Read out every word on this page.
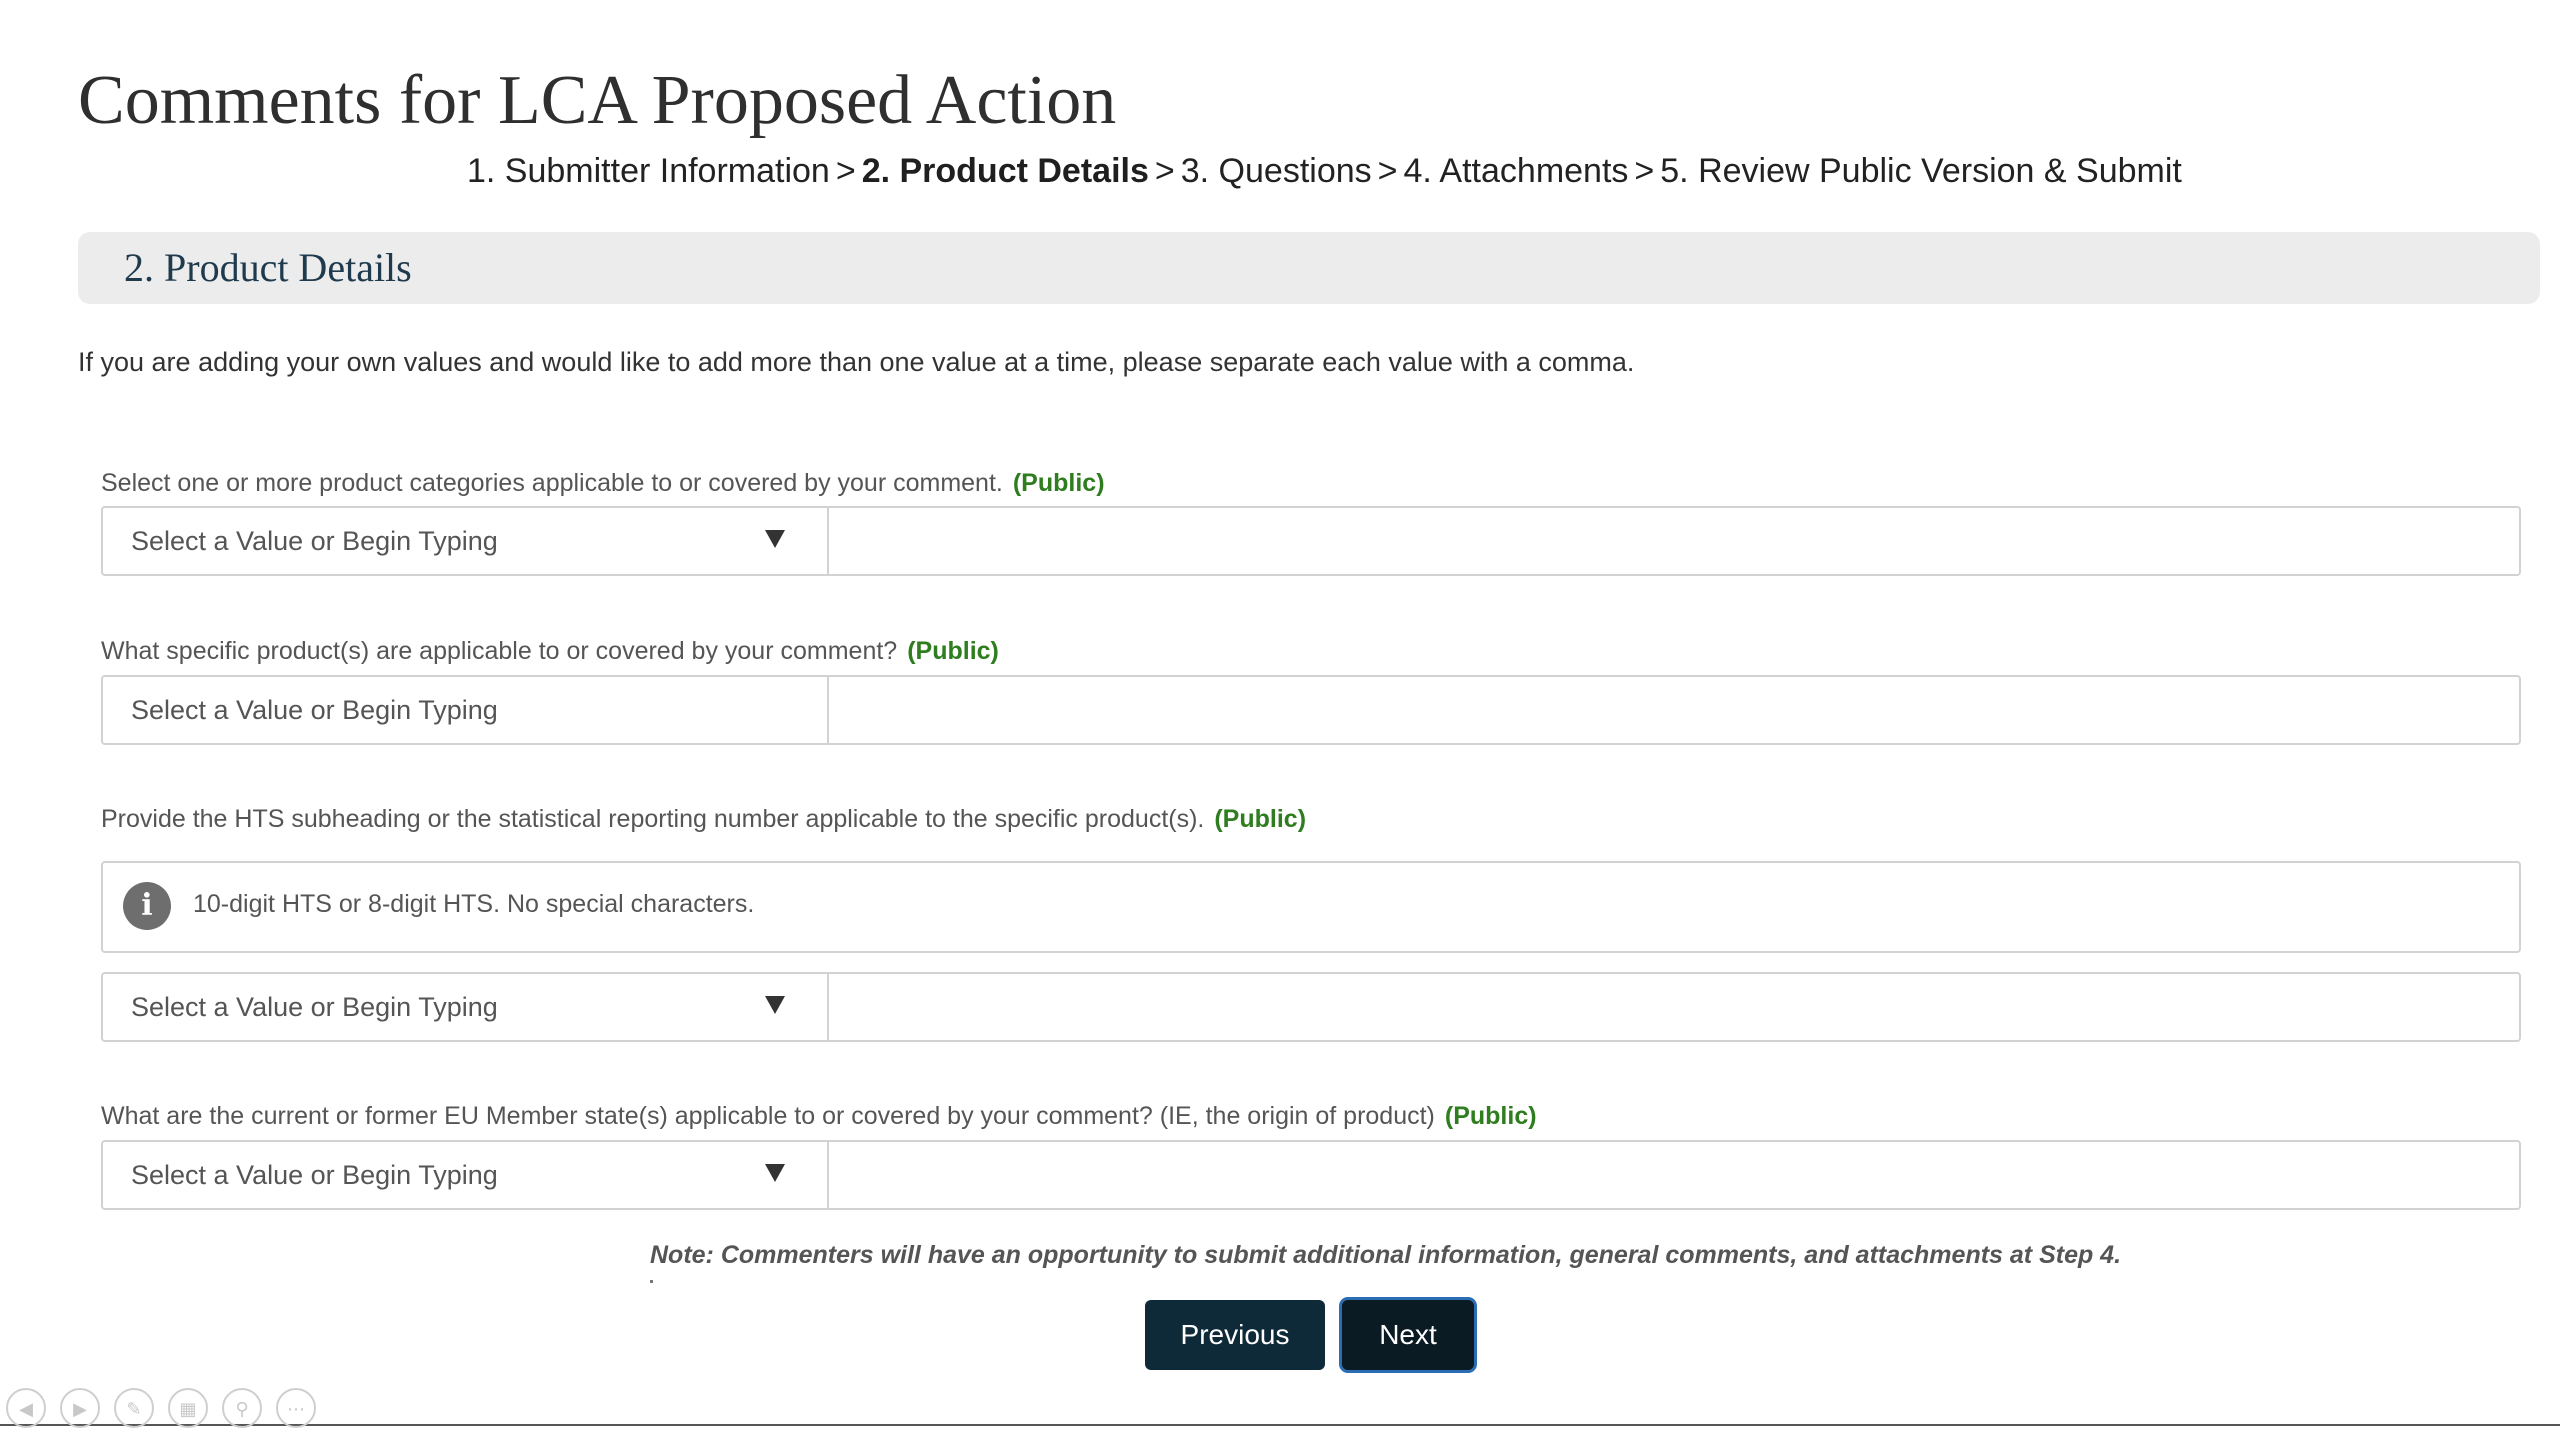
Comments for LCA Proposed Action
1. Submitter Information > 2. Product Details > 3. Questions > 4. Attachments > 5. Review Public Version & Submit
2. Product Details
If you are adding your own values and would like to add more than one value at a time, please separate each value with a comma.
Select one or more product categories applicable to or covered by your comment. (Public)
Select a Value or Begin Typing
What specific product(s) are applicable to or covered by your comment? (Public)
Select a Value or Begin Typing
Provide the HTS subheading or the statistical reporting number applicable to the specific product(s). (Public)
i	10-digit HTS or 8-digit HTS. No special characters.
Select a Value or Begin Typing
What are the current or former EU Member state(s) applicable to or covered by your comment? (IE, the origin of product) (Public)
Select a Value or Begin Typing
Note: Commenters will have an opportunity to submit additional information, general comments, and attachments at Step 4.
Previous	Next
◀	▶	✎	▦	⚲	⋯
